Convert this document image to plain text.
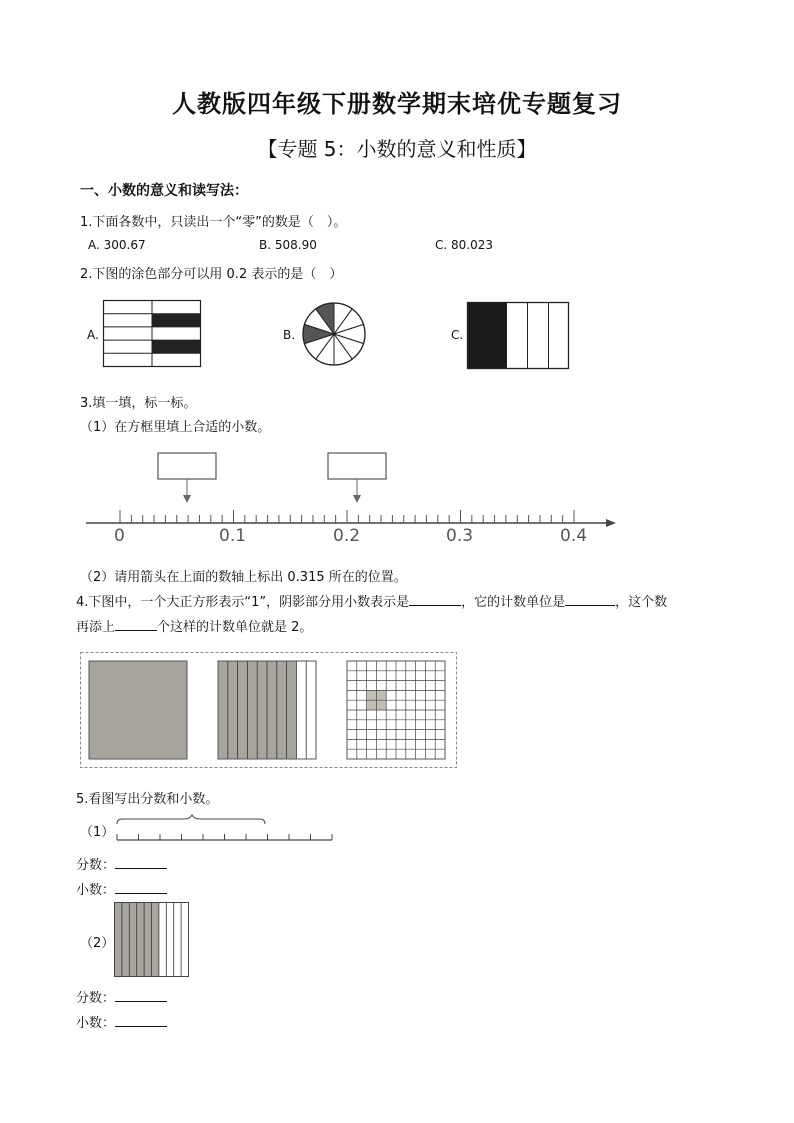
人教版四年级下册数学期末培优专题复习
【专题 5：小数的意义和性质】
一、小数的意义和读写法：
1.下面各数中，只读出一个“零”的数是（　）。
A. 300.67	B. 508.90	C. 80.023
2.下图的涂色部分可以用 0.2 表示的是（　）
A.	B.	C.
3.填一填，标一标。
（1）在方框里填上合适的小数。
0	0.1	0.2	0.3	0.4
（2）请用箭头在上面的数轴上标出 0.315 所在的位置。
4.下图中，一个大正方形表示“1”，阴影部分用小数表示是	，它的计数单位是	，这个数
再添上	个这样的计数单位就是 2。
5.看图写出分数和小数。
（1）
分数：
小数：
（2）
分数：
小数：
